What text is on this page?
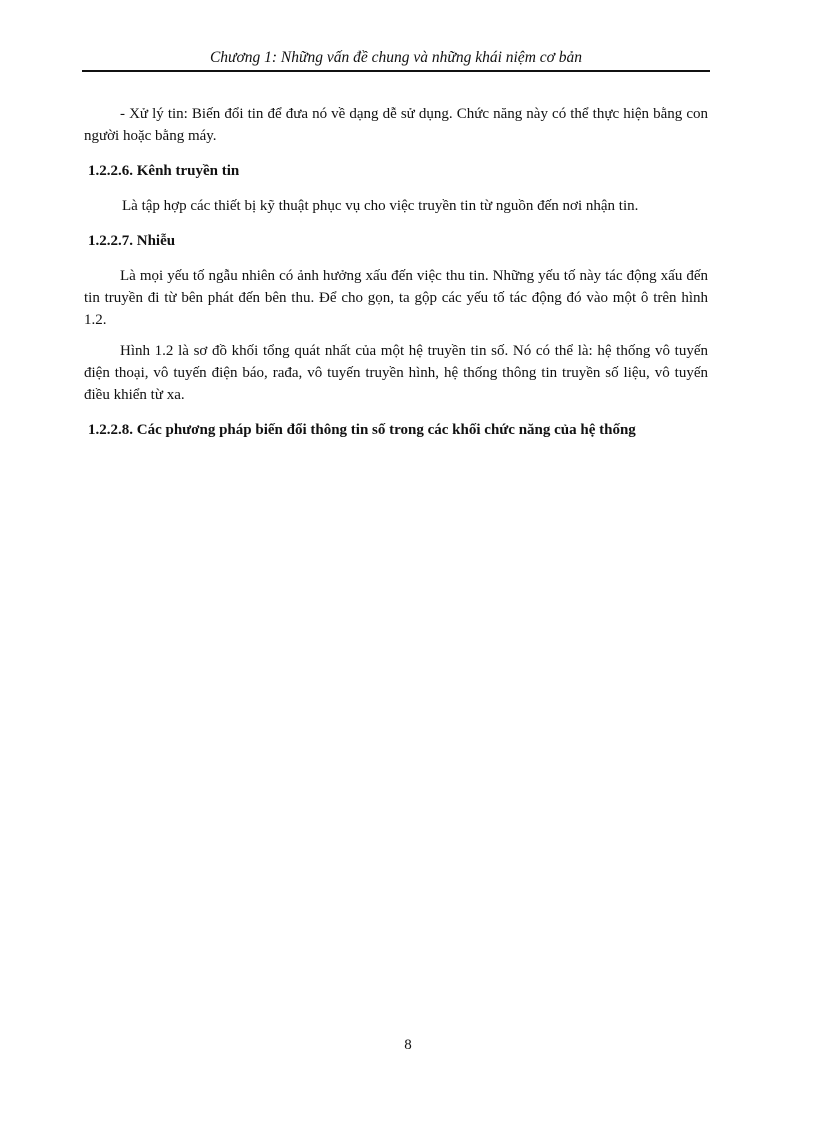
Chương 1: Những vấn đề chung và những khái niệm cơ bản

- Xử lý tin: Biến đổi tin để đưa nó về dạng dễ sử dụng. Chức năng này có thể thực hiện bằng con người hoặc bằng máy.

1.2.2.6. Kênh truyền tin

Là tập hợp các thiết bị kỹ thuật phục vụ cho việc truyền tin từ nguồn đến nơi nhận tin.

1.2.2.7. Nhiễu

Là mọi yếu tố ngẫu nhiên có ảnh hưởng xấu đến việc thu tin. Những yếu tố này tác động xấu đến tin truyền đi từ bên phát đến bên thu. Để cho gọn, ta gộp các yếu tố tác động đó vào một ô trên hình 1.2.

Hình 1.2 là sơ đồ khối tổng quát nhất của một hệ truyền tin số. Nó có thể là: hệ thống vô tuyến điện thoại, vô tuyến điện báo, rađa, vô tuyến truyền hình, hệ thống thông tin truyền số liệu, vô tuyến điều khiển từ xa.

1.2.2.8. Các phương pháp biến đổi thông tin số trong các khối chức năng của hệ thống

8
